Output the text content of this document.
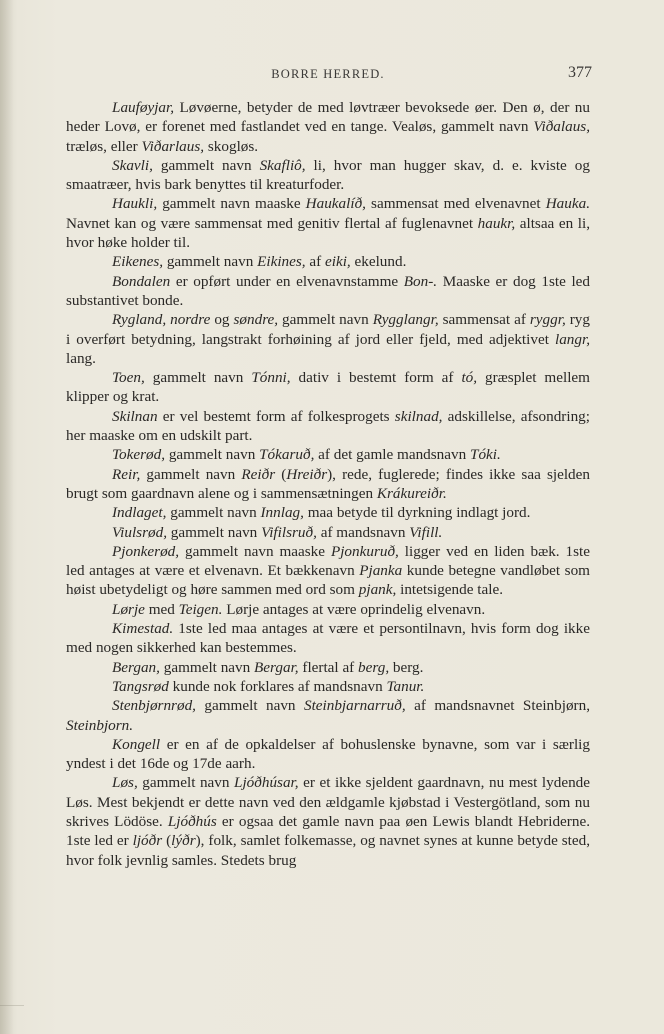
BORRE HERRED.	377

Lauføyjar, Løvøerne, betyder de med løvtræer bevoksede øer. Den ø, der nu heder Lovø, er forenet med fastlandet ved en tange. Vealøs, gammelt navn Viðalaus, træløs, eller Viðarlaus, skogløs.

Skavli, gammelt navn Skafliô, li, hvor man hugger skav, d. e. kviste og smaatræer, hvis bark benyttes til kreaturfoder.

Haukli, gammelt navn maaske Haukalíð, sammensat med elvenavnet Hauka. Navnet kan og være sammensat med genitiv flertal af fuglenavnet haukr, altsaa en li, hvor høke holder til.

Eikenes, gammelt navn Eikines, af eiki, ekelund.

Bondalen er opført under en elvenavnstamme Bon-. Maaske er dog 1ste led substantivet bonde.

Rygland, nordre og søndre, gammelt navn Rygglangr, sammensat af ryggr, ryg i overført betydning, langstrakt forhøining af jord eller fjeld, med adjektivet langr, lang.

Toen, gammelt navn Tónni, dativ i bestemt form af tó, græsplet mellem klipper og krat.

Skilnan er vel bestemt form af folkesprogets skilnad, adskillelse, afsondring; her maaske om en udskilt part.

Tokerød, gammelt navn Tókaruð, af det gamle mandsnavn Tóki.

Reir, gammelt navn Reiðr (Hreiðr), rede, fuglerede; findes ikke saa sjelden brugt som gaardnavn alene og i sammensætningen Krákureiðr.

Indlaget, gammelt navn Innlag, maa betyde til dyrkning indlagt jord.

Viulsrød, gammelt navn Vifilsruð, af mandsnavn Vifill.

Pjonkerød, gammelt navn maaske Pjonkuruð, ligger ved en liden bæk. 1ste led antages at være et elvenavn. Et bækkenavn Pjanka kunde betegne vandløbet som høist ubetydeligt og høre sammen med ord som pjank, intetsigende tale.

Lørje med Teigen. Lørje antages at være oprindelig elvenavn.

Kimestad. 1ste led maa antages at være et persontilnavn, hvis form dog ikke med nogen sikkerhed kan bestemmes.

Bergan, gammelt navn Bergar, flertal af berg, berg.

Tangsrød kunde nok forklares af mandsnavn Tanur.

Stenbjørnrød, gammelt navn Steinbjarnarruð, af mandsnavnet Steinbjørn, Steinbjorn.

Kongell er en af de opkaldelser af bohuslenske bynavne, som var i særlig yndest i det 16de og 17de aarh.

Løs, gammelt navn Ljóðhúsar, er et ikke sjeldent gaardnavn, nu mest lydende Løs. Mest bekjendt er dette navn ved den ældgamle kjøbstad i Vestergötland, som nu skrives Lödöse. Ljóðhús er ogsaa det gamle navn paa øen Lewis blandt Hebriderne. 1ste led er ljóðr (lýðr), folk, samlet folkemasse, og navnet synes at kunne betyde sted, hvor folk jevnlig samles. Stedets brug
